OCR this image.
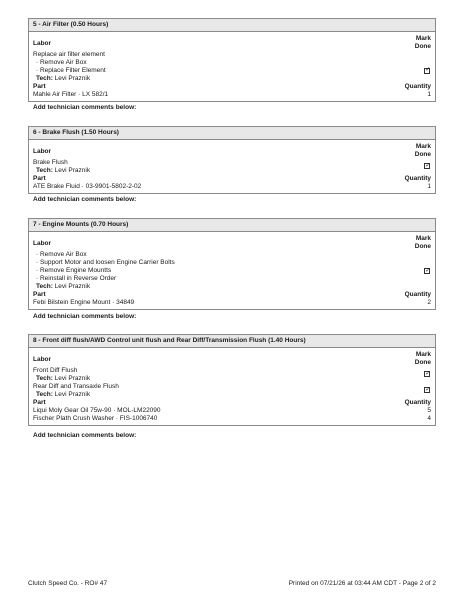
5 - Air Filter (0.50 Hours)
Labor
Mark
Done
Replace air filter element
· Remove Air Box
· Replace Filter Element
✓
Tech: Levi Praznik
Part	Quantity
Mahle Air Filter · LX 582/1	1
Add technician comments below:
6 - Brake Flush (1.50 Hours)
Labor
Mark
Done
Brake Flush
✓
Tech: Levi Praznik
Part	Quantity
ATE Brake Fluid · 03-9901-5802-2-02	1
Add technician comments below:
7 - Engine Mounts (0.70 Hours)
Labor
Mark
Done
· Remove Air Box
· Support Motor and loosen Engine Carrier Bolts
· Remove Engine Mountts
✓
· Reinstall in Reverse Order
Tech: Levi Praznik
Part	Quantity
Febi Bilstein Engine Mount · 34849	2
Add technician comments below:
8 - Front diff flush/AWD Control unit flush and Rear Diff/Transmission Flush (1.40 Hours)
Labor
Mark
Done
Front Diff Flush
✓
Tech: Levi Praznik
Rear Diff and Transaxle Flush
✓
Tech: Levi Praznik
Part	Quantity
Liqui Moly Gear Oil 75w-90 · MOL-LM22090	5
Fischer Plath Crush Washer · FIS-1006740	4
Add technician comments below:
Clutch Speed Co. - RO# 47	Printed on 07/21/26 at 03:44 AM CDT - Page 2 of 2
